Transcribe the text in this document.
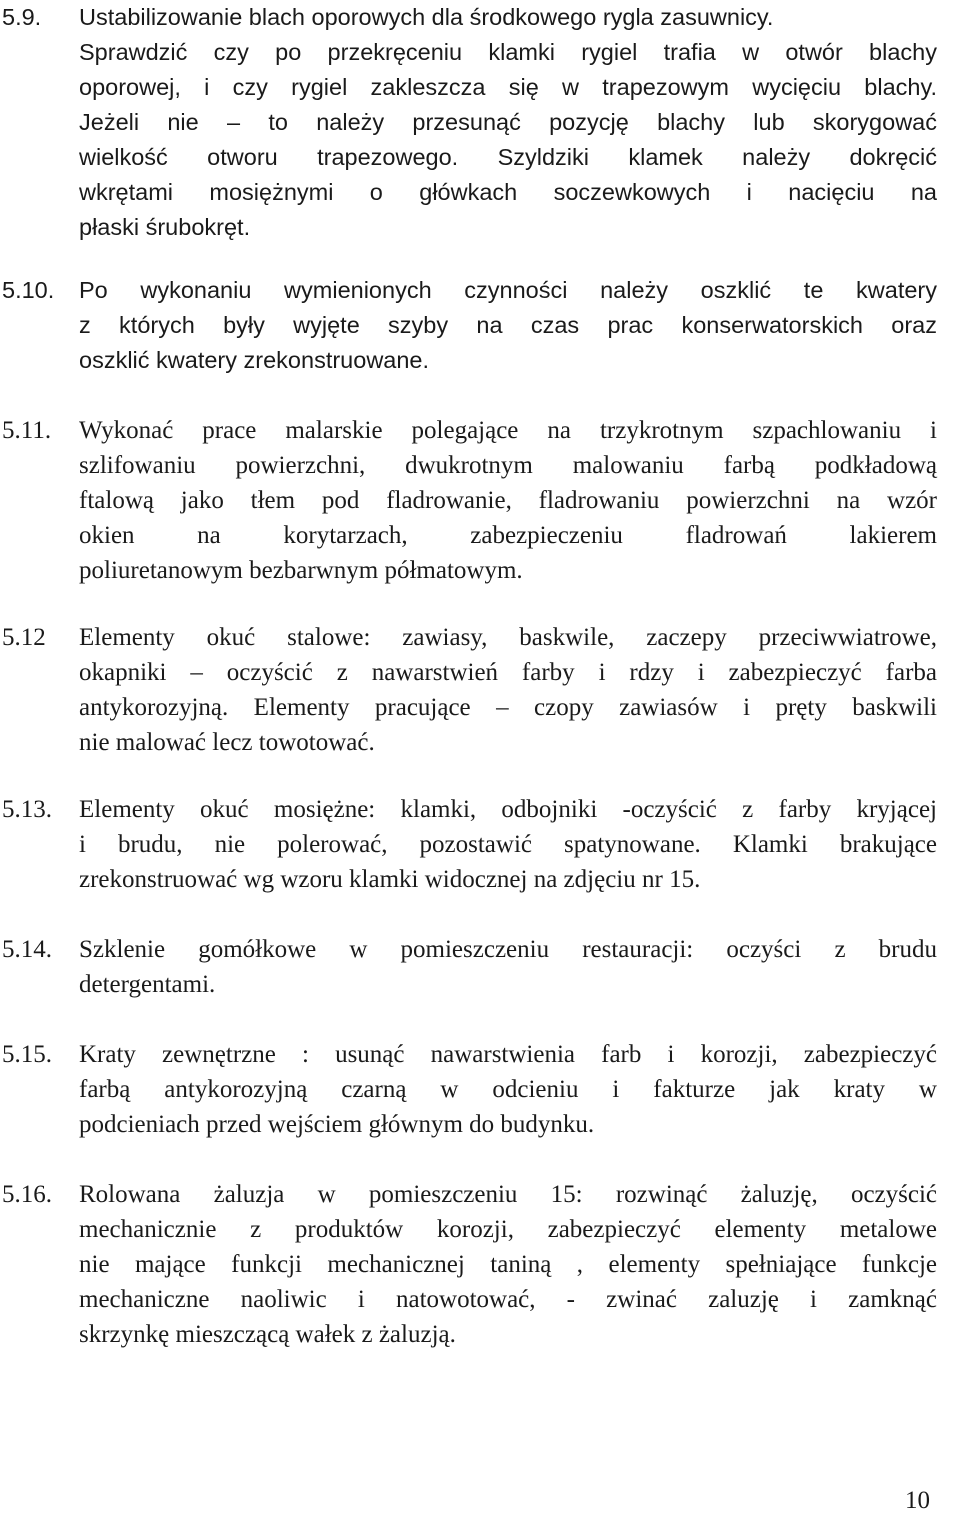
10
5.9. Ustabilizowanie blach oporowych dla środkowego rygla zasuwnicy.
Sprawdzić czy po przekręceniu klamki rygiel trafia w otwór blachy
oporowej, i czy rygiel zakleszcza się w trapezowym wycięciu blachy.
Jeżeli nie – to należy przesunąć pozycję blachy lub skorygować
wielkość otworu trapezowego. Szyldziki klamek należy dokręcić
wkrętami mosiężnymi o główkach soczewkowych i nacięciu na
płaski śrubokręt.
5.10. Po wykonaniu wymienionych czynności należy oszklić te kwatery
z których były wyjęte szyby na czas prac konserwatorskich oraz
oszklić kwatery zrekonstruowane.
5.11. Wykonać prace malarskie polegające na trzykrotnym szpachlowaniu i
szlifowaniu powierzchni, dwukrotnym malowaniu farbą podkładową
ftalową jako tłem pod fladrowanie, fladrowaniu powierzchni na wzór
okien na korytarzach, zabezpieczeniu fladrowań lakierem
poliuretanowym bezbarwnym półmatowym.
5.12 Elementy okuć stalowe: zawiasy, baskwile, zaczepy przeciwwiatrowe,
okapniki – oczyścić z nawarstwień farby i rdzy i zabezpieczyć farba
antykorozyjną. Elementy pracujące – czopy zawiasów i pręty baskwili
nie malować lecz towotować.
5.13. Elementy okuć mosiężne: klamki, odbojniki -oczyścić z farby kryjącej
i brudu, nie polerować, pozostawić spatynowane. Klamki brakujące
zrekonstruować wg wzoru klamki widocznej na zdjęciu nr 15.
5.14. Szklenie gomółkowe w pomieszczeniu restauracji: oczyści z brudu
detergentami.
5.15. Kraty zewnętrzne : usunąć nawarstwienia farb i korozji, zabezpieczyć
farbą antykorozyjną czarną w odcieniu i fakturze jak kraty w
podcieniach przed wejściem głównym do budynku.
5.16. Rolowana żaluzja w pomieszczeniu 15: rozwinąć żaluzję, oczyścić
mechanicznie z produktów korozji, zabezpieczyć elementy metalowe
nie mające funkcji mechanicznej taniną , elementy spełniające funkcje
mechaniczne naoliwic i natowotować, - zwinać zaluzję i zamknąć
skrzynkę mieszczącą wałek z żaluzją.
